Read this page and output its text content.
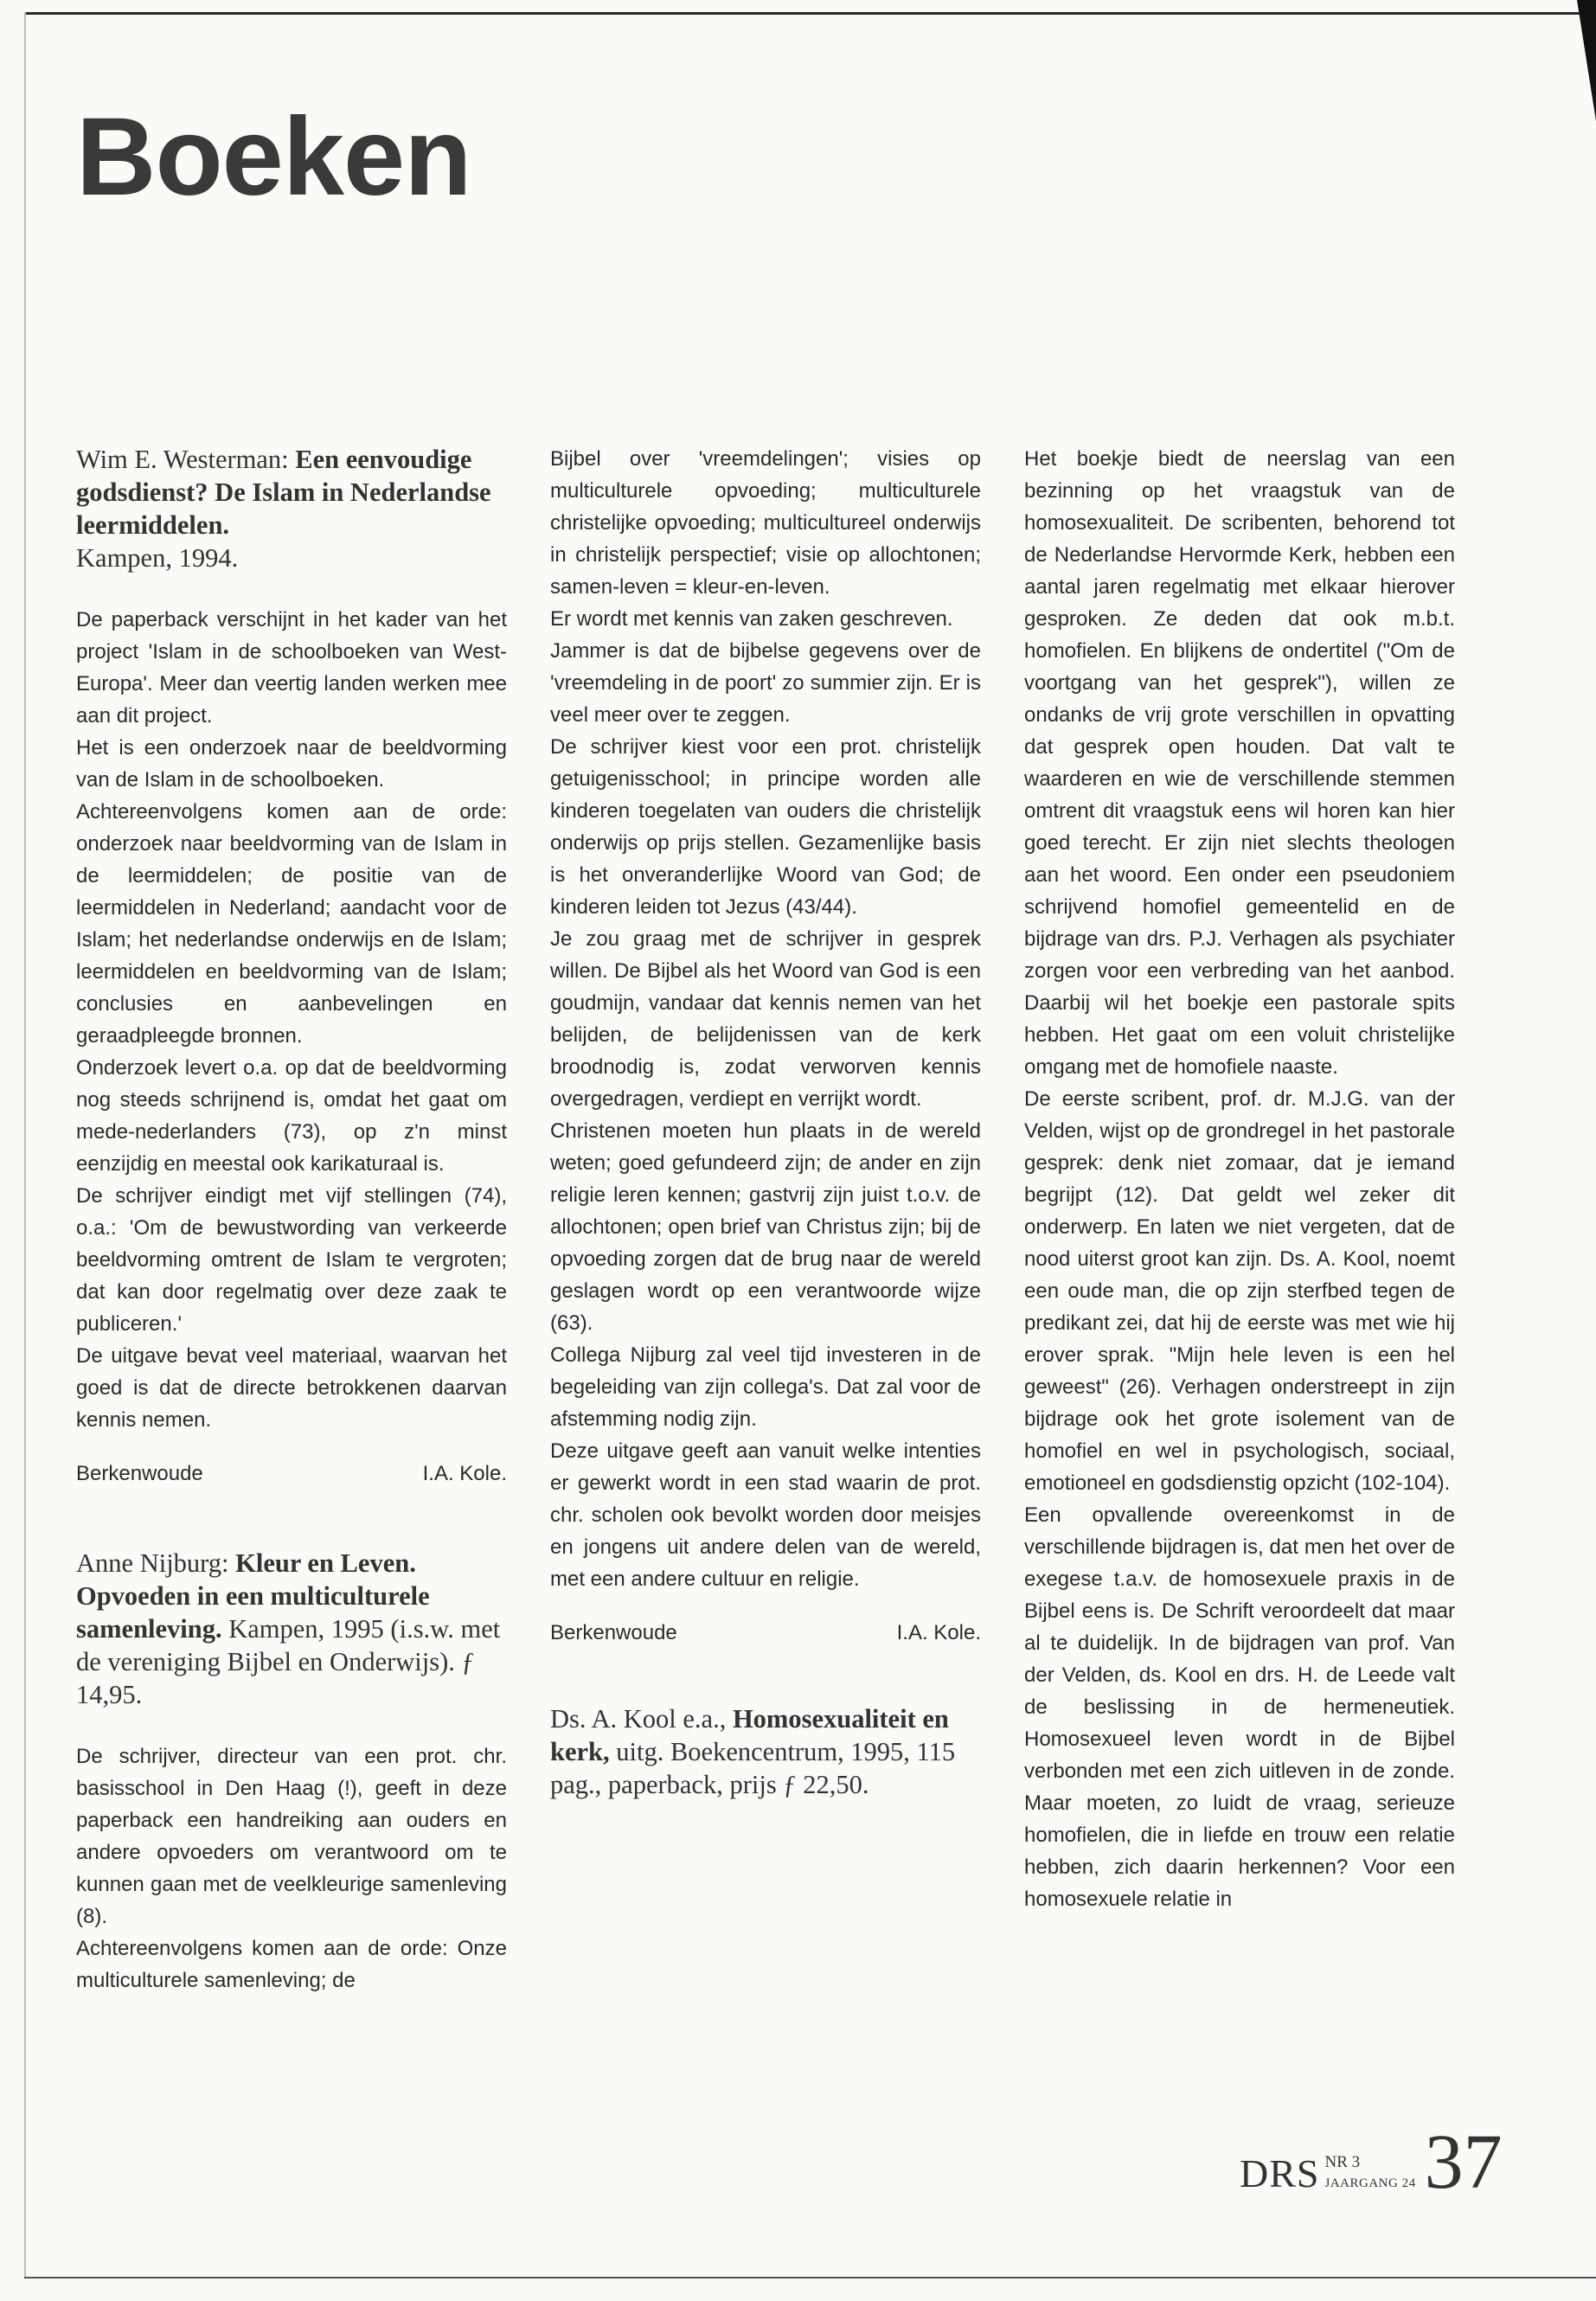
Boeken
Wim E. Westerman: Een eenvoudige godsdienst? De Islam in Nederlandse leermiddelen.
Kampen, 1994.

De paperback verschijnt in het kader van het project 'Islam in de schoolboeken van West-Europa'. Meer dan veertig landen werken mee aan dit project.

Het is een onderzoek naar de beeldvorming van de Islam in de schoolboeken.

Achtereenvolgens komen aan de orde: onderzoek naar beeldvorming van de Islam in de leermiddelen; de positie van de leermiddelen in Nederland; aandacht voor de Islam; het nederlandse onderwijs en de Islam; leermiddelen en beeldvorming van de Islam; conclusies en aanbevelingen en geraadpleegde bronnen.

Onderzoek levert o.a. op dat de beeldvorming nog steeds schrijnend is, omdat het gaat om mede-nederlanders (73), op z'n minst eenzijdig en meestal ook karikaturaal is.

De schrijver eindigt met vijf stellingen (74), o.a.: 'Om de bewustwording van verkeerde beeldvorming omtrent de Islam te vergroten; dat kan door regelmatig over deze zaak te publiceren.'

De uitgave bevat veel materiaal, waarvan het goed is dat de directe betrokkenen daarvan kennis nemen.

Berkenwoude	I.A. Kole.
Anne Nijburg: Kleur en Leven. Opvoeden in een multiculturele samenleving. Kampen, 1995 (i.s.w. met de vereniging Bijbel en Onderwijs). ƒ 14,95.

De schrijver, directeur van een prot. chr. basisschool in Den Haag (!), geeft in deze paperback een handreiking aan ouders en andere opvoeders om verantwoord om te kunnen gaan met de veelkleurige samenleving (8).

Achtereenvolgens komen aan de orde: Onze multiculturele samenleving; de

Bijbel over 'vreemdelingen'; visies op multiculturele opvoeding; multiculturele christelijke opvoeding; multicultureel onderwijs in christelijk perspectief; visie op allochtonen; samen-leven = kleur-en-leven.

Er wordt met kennis van zaken geschreven.

Jammer is dat de bijbelse gegevens over de 'vreemdeling in de poort' zo summier zijn. Er is veel meer over te zeggen.

De schrijver kiest voor een prot. christelijk getuigenisschool; in principe worden alle kinderen toegelaten van ouders die christelijk onderwijs op prijs stellen. Gezamenlijke basis is het onveranderlijke Woord van God; de kinderen leiden tot Jezus (43/44).

Je zou graag met de schrijver in gesprek willen. De Bijbel als het Woord van God is een goudmijn, vandaar dat kennis nemen van het belijden, de belijdenissen van de kerk broodnodig is, zodat verworven kennis overgedragen, verdiept en verrijkt wordt.

Christenen moeten hun plaats in de wereld weten; goed gefundeerd zijn; de ander en zijn religie leren kennen; gastvrij zijn juist t.o.v. de allochtonen; open brief van Christus zijn; bij de opvoeding zorgen dat de brug naar de wereld geslagen wordt op een verantwoorde wijze (63).

Collega Nijburg zal veel tijd investeren in de begeleiding van zijn collega's. Dat zal voor de afstemming nodig zijn.

Deze uitgave geeft aan vanuit welke intenties er gewerkt wordt in een stad waarin de prot. chr. scholen ook bevolkt worden door meisjes en jongens uit andere delen van de wereld, met een andere cultuur en religie.

Berkenwoude	I.A. Kole.
Ds. A. Kool e.a., Homosexualiteit en kerk, uitg. Boekencentrum, 1995, 115 pag., paperback, prijs ƒ 22,50.

Het boekje biedt de neerslag van een bezinning op het vraagstuk van de homosexualiteit. De scribenten, behorend tot de Nederlandse Hervormde Kerk, hebben een aantal jaren regelmatig met elkaar hierover gesproken. Ze deden dat ook m.b.t. homofielen. En blijkens de ondertitel ("Om de voortgang van het gesprek"), willen ze ondanks de vrij grote verschillen in opvatting dat gesprek open houden. Dat valt te waarderen en wie de verschillende stemmen omtrent dit vraagstuk eens wil horen kan hier goed terecht. Er zijn niet slechts theologen aan het woord. Een onder een pseudoniem schrijvend homofiel gemeentelid en de bijdrage van drs. P.J. Verhagen als psychiater zorgen voor een verbreding van het aanbod. Daarbij wil het boekje een pastorale spits hebben. Het gaat om een voluit christelijke omgang met de homofiele naaste.

De eerste scribent, prof. dr. M.J.G. van der Velden, wijst op de grondregel in het pastorale gesprek: denk niet zomaar, dat je iemand begrijpt (12). Dat geldt wel zeker dit onderwerp. En laten we niet vergeten, dat de nood uiterst groot kan zijn. Ds. A. Kool, noemt een oude man, die op zijn sterfbed tegen de predikant zei, dat hij de eerste was met wie hij erover sprak. "Mijn hele leven is een hel geweest" (26). Verhagen onderstreept in zijn bijdrage ook het grote isolement van de homofiel en wel in psychologisch, sociaal, emotioneel en godsdienstig opzicht (102-104).

Een opvallende overeenkomst in de verschillende bijdragen is, dat men het over de exegese t.a.v. de homosexuele praxis in de Bijbel eens is. De Schrift veroordeelt dat maar al te duidelijk. In de bijdragen van prof. Van der Velden, ds. Kool en drs. H. de Leede valt de beslissing in de hermeneutiek. Homosexueel leven wordt in de Bijbel verbonden met een zich uitleven in de zonde. Maar moeten, zo luidt de vraag, serieuze homofielen, die in liefde en trouw een relatie hebben, zich daarin herkennen? Voor een homosexuele relatie in

DRS NR 3
JAARGANG 24 37
